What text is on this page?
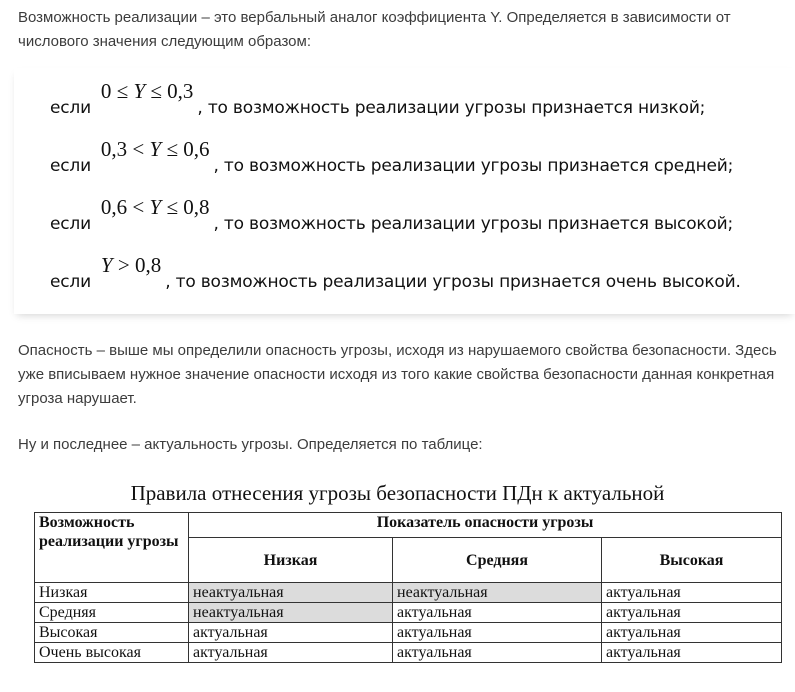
Возможность реализации – это вербальный аналог коэффициента Y. Определяется в зависимости от числового значения следующим образом:

если
0 ≤ Y ≤ 0,3
, то возможность реализации угрозы признается низкой;
если
0,3 < Y ≤ 0,6
, то возможность реализации угрозы признается средней;
если
0,6 < Y ≤ 0,8
, то возможность реализации угрозы признается высокой;
если
Y > 0,8
, то возможность реализации угрозы признается очень высокой.

Опасность – выше мы определили опасность угрозы, исходя из нарушаемого свойства безопасности. Здесь уже вписываем нужное значение опасности исходя из того какие свойства безопасности данная конкретная угроза нарушает.

Ну и последнее – актуальность угрозы. Определяется по таблице:

Правила отнесения угрозы безопасности ПДн к актуальной
Возможность реализации угрозы	Показатель опасности угрозы		
	Низкая	Средняя	Высокая
Низкая	неактуальная	неактуальная	актуальная
Средняя	неактуальная	актуальная	актуальная
Высокая	актуальная	актуальная	актуальная
Очень высокая	актуальная	актуальная	актуальная
